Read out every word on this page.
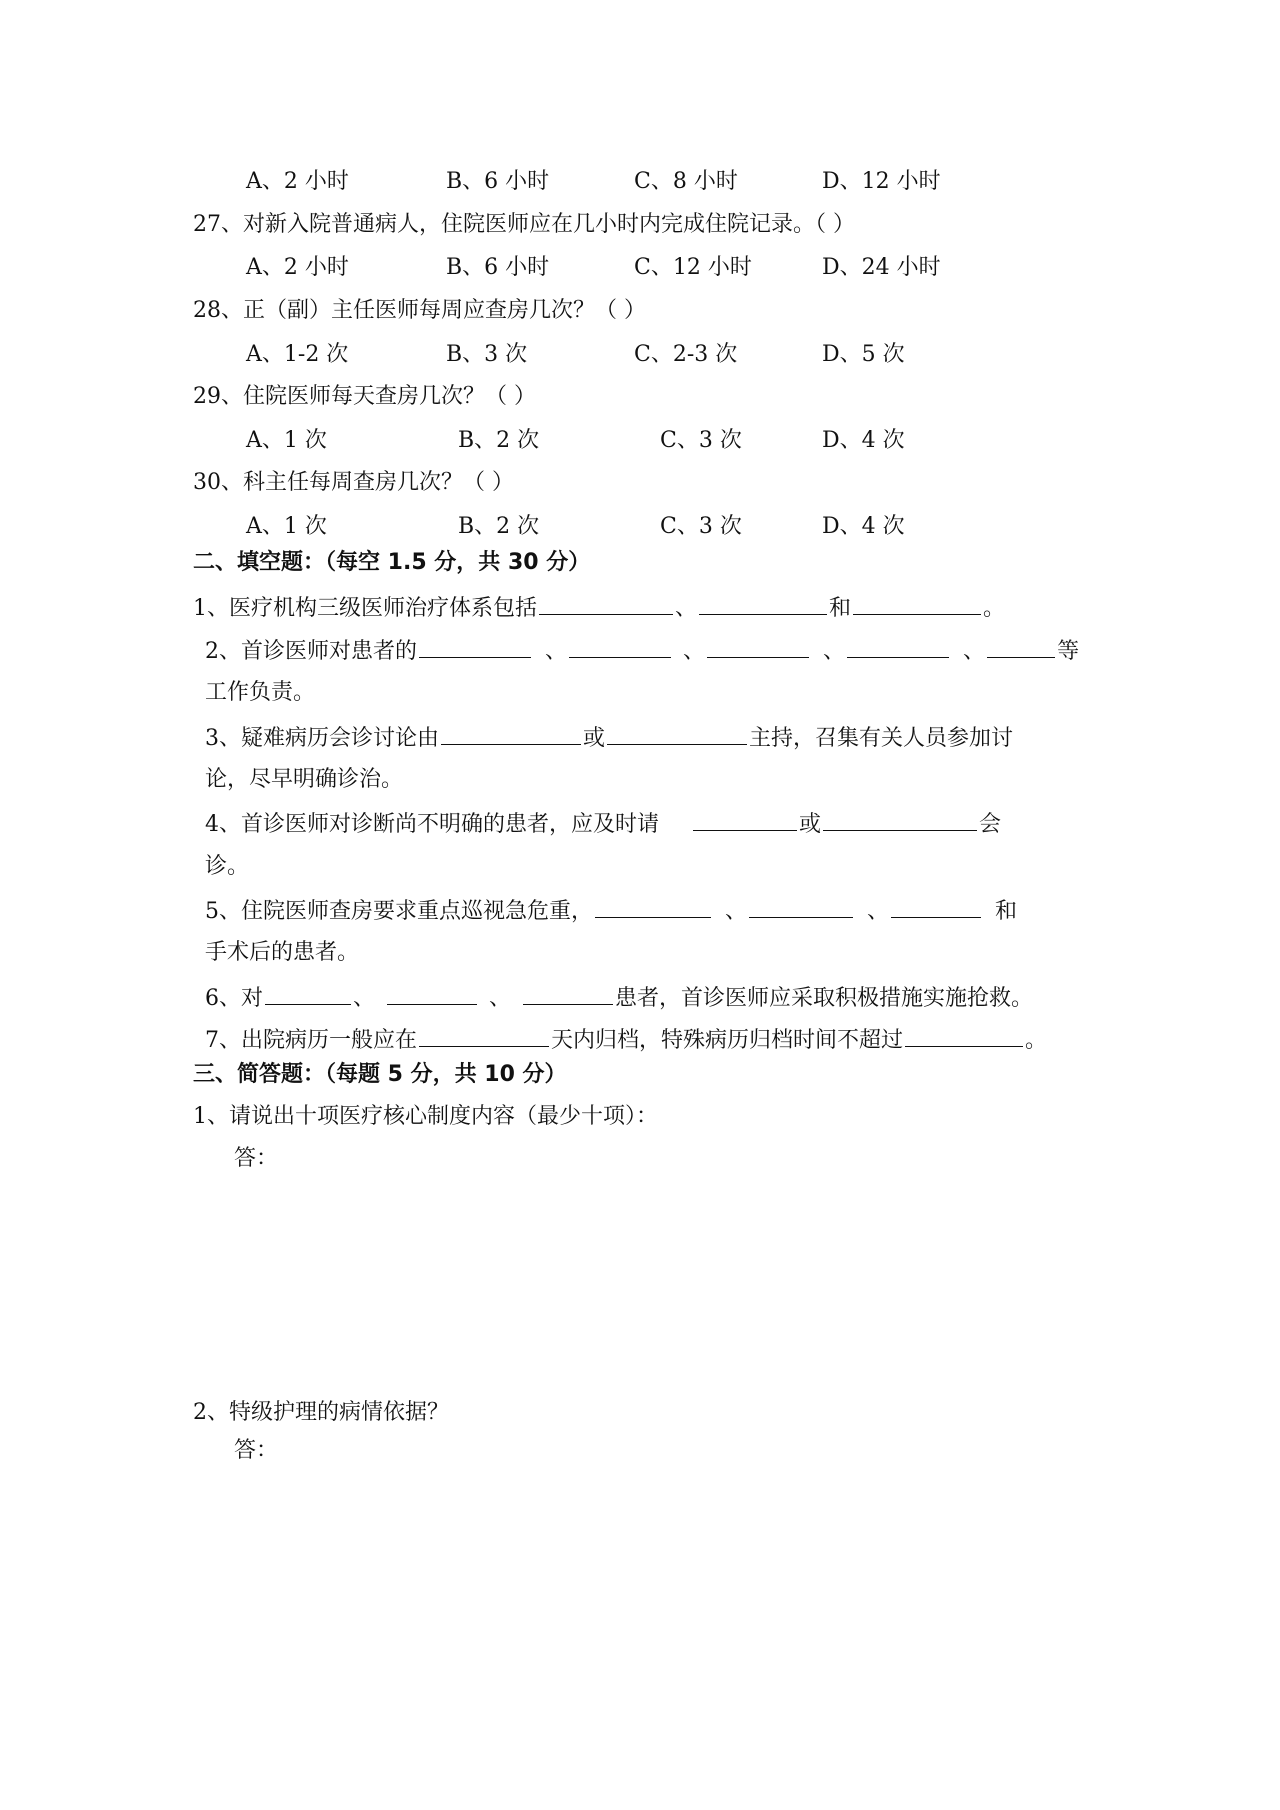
A、2 小时	B、6 小时	C、8 小时	D、12 小时
27、对新入院普通病人，住院医师应在几小时内完成住院记录。（ ）
A、2 小时	B、6 小时	C、12 小时	D、24 小时
28、正（副）主任医师每周应查房几次？（ ）
A、1-2 次	B、3 次	C、2-3 次	D、5 次
29、住院医师每天查房几次？（ ）
A、1 次	B、2 次	C、3 次	D、4 次
30、科主任每周查房几次？（ ）
A、1 次	B、2 次	C、3 次	D、4 次
二、填空题：（每空 1.5 分，共 30 分）
1、医疗机构三级医师治疗体系包括	、	和	。
2、首诊医师对患者的	、	、	、	、	等
工作负责。
3、疑难病历会诊讨论由	或	主持，召集有关人员参加讨
论，尽早明确诊治。
4、首诊医师对诊断尚不明确的患者，应及时请	或	会
诊。
5、住院医师查房要求重点巡视急危重，	、	、	和
手术后的患者。
6、对	、	、	患者，首诊医师应采取积极措施实施抢救。
7、出院病历一般应在	天内归档，特殊病历归档时间不超过	。
三、简答题：（每题 5 分，共 10 分）
1、请说出十项医疗核心制度内容（最少十项）：
答：
2、特级护理的病情依据？
答：
